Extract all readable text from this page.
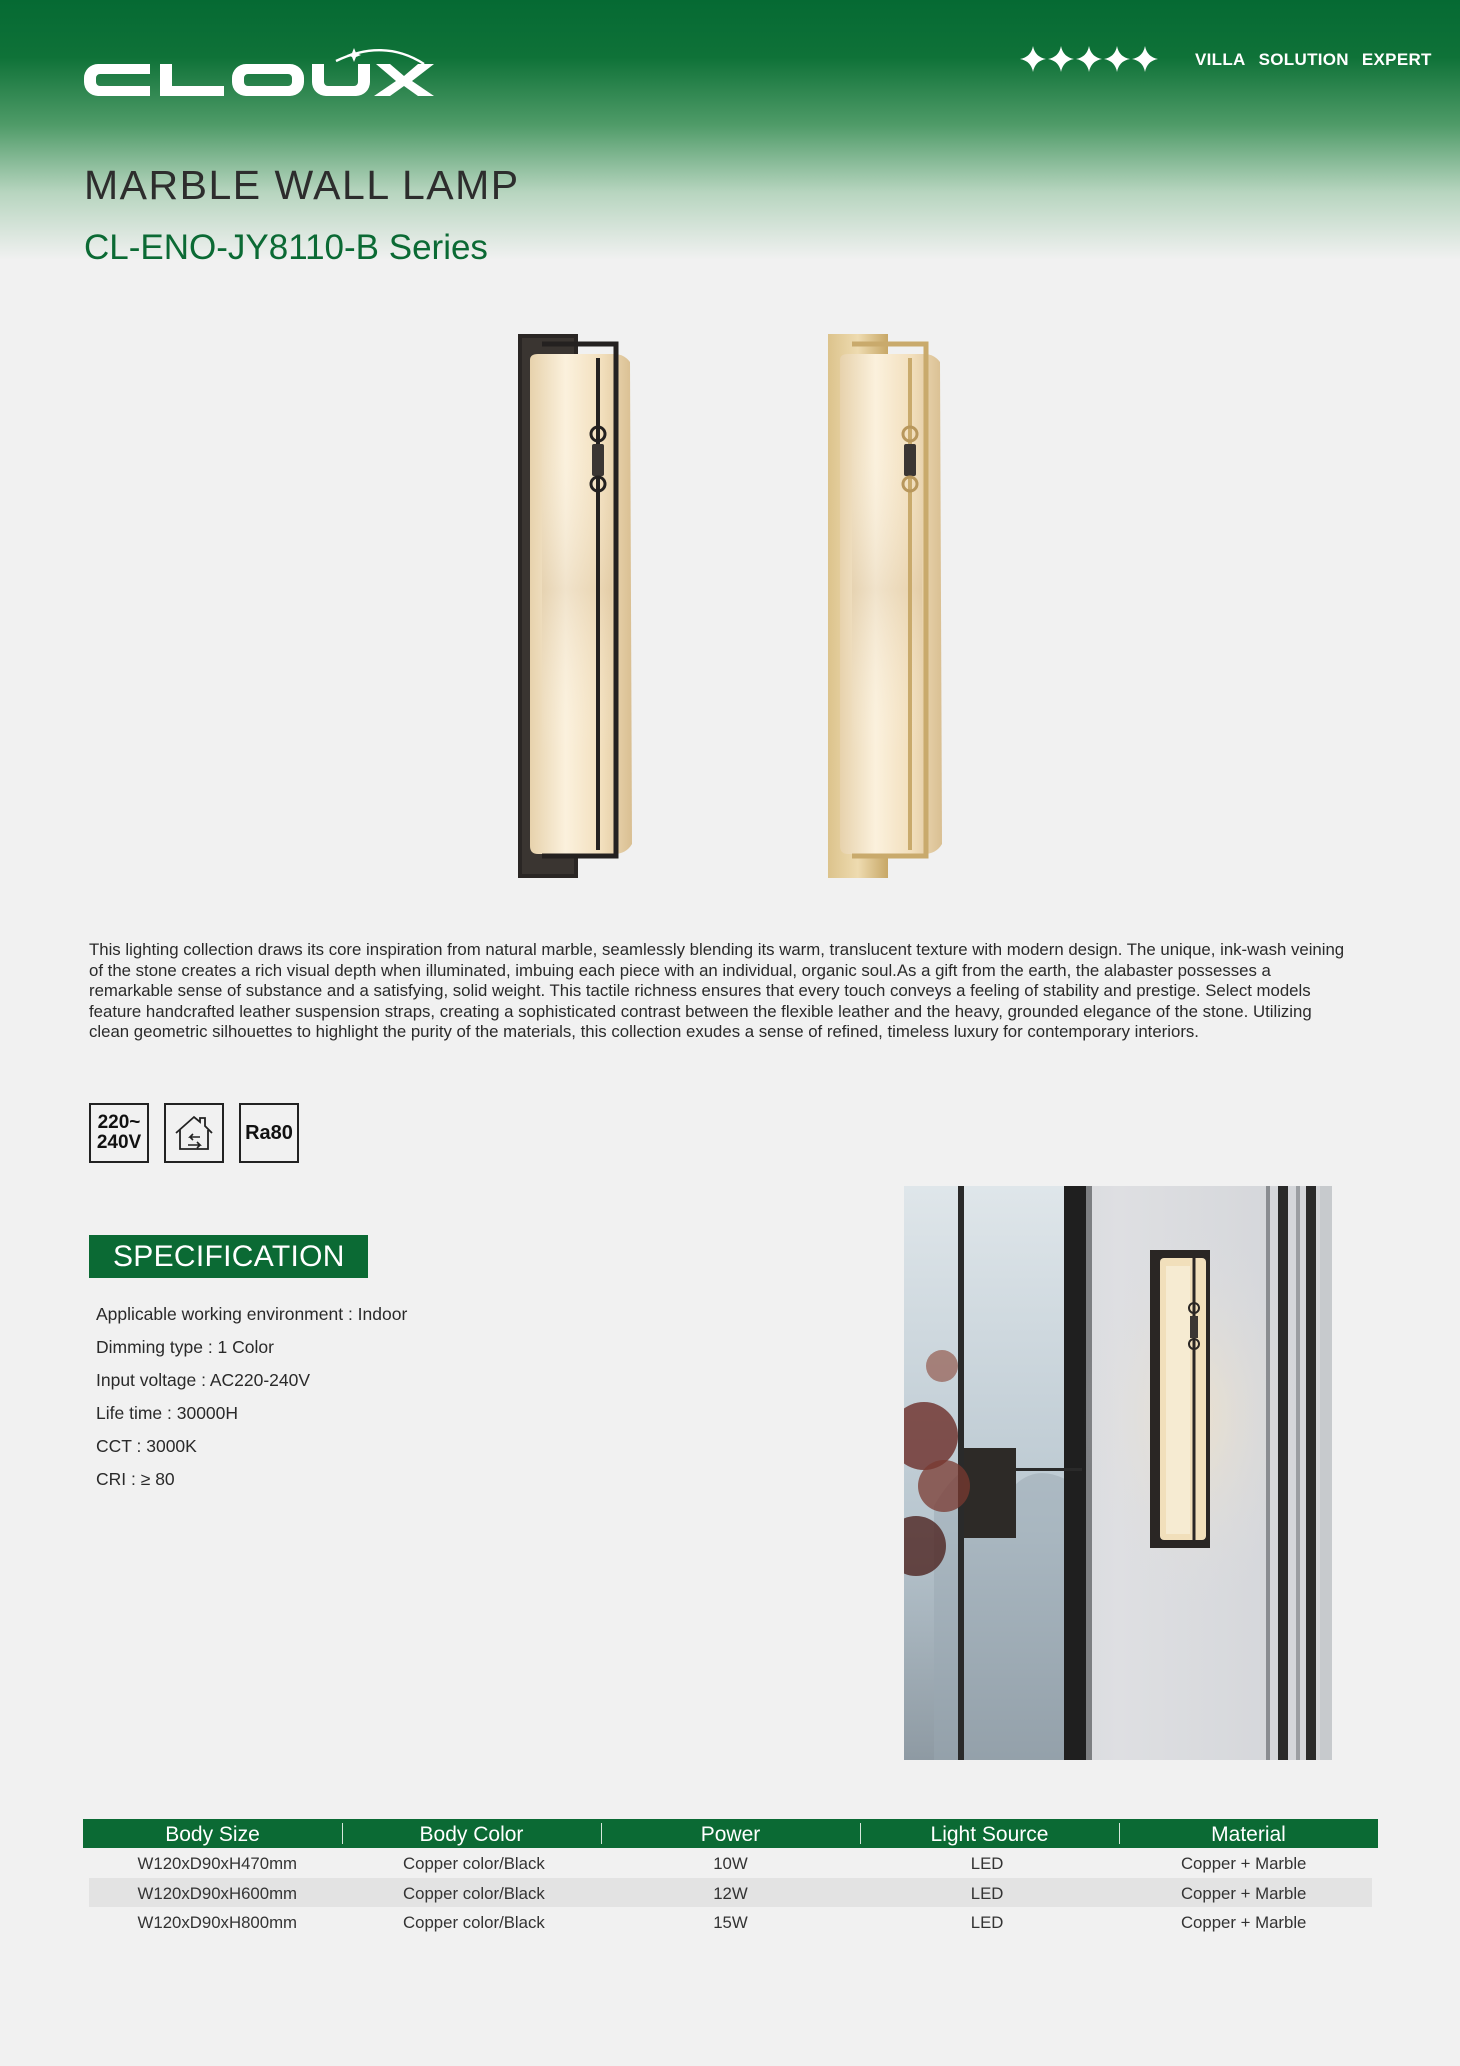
VILLA SOLUTION EXPERT
MARBLE WALL LAMP
CL-ENO-JY8110-B Series

This lighting collection draws its core inspiration from natural marble, seamlessly blending its warm, translucent texture with modern design. The unique, ink-wash veining of the stone creates a rich visual depth when illuminated, imbuing each piece with an individual, organic soul.As a gift from the earth, the alabaster possesses a remarkable sense of substance and a satisfying, solid weight. This tactile richness ensures that every touch conveys a feeling of stability and prestige. Select models feature handcrafted leather suspension straps, creating a sophisticated contrast between the flexible leather and the heavy, grounded elegance of the stone. Utilizing clean geometric silhouettes to highlight the purity of the materials, this collection exudes a sense of refined, timeless luxury for contemporary interiors.

220~
240V	Ra80
SPECIFICATION
Applicable working environment : Indoor
Dimming type : 1 Color
Input voltage : AC220-240V
Life time : 30000H
CCT : 3000K
CRI : ≥ 80
Body Size	Body Color	Power	Light Source	Material
W120xD90xH470mm	Copper color/Black	10W	LED	Copper + Marble
W120xD90xH600mm	Copper color/Black	12W	LED	Copper + Marble
W120xD90xH800mm	Copper color/Black	15W	LED	Copper + Marble
